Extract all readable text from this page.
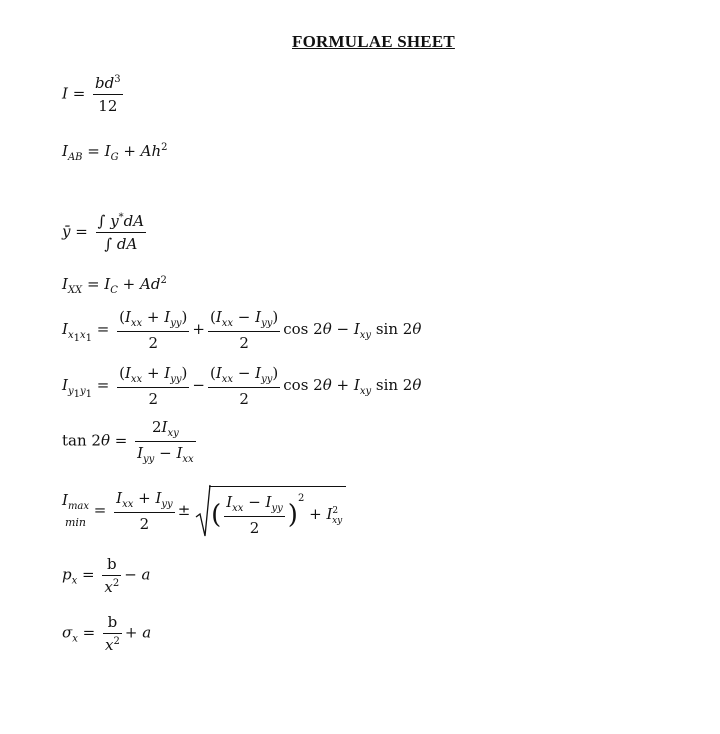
FORMULAE SHEET
$I = \frac{bd^3}{12}$
$I_{AB} = I_G + Ah^2$
ȳ = $\frac{\int y^*dA}{\int dA}$
$I_{XX} = I_C + Ad^2$
$I_{x_1x_1}$ =
$(I_{xx} + I_{yy})$
2
+
$(I_{xx} - I_{yy})$
2
$\cos 2\theta - I_{xy}$ sin 2θ
$I_{y_1y_1}$ =
$(I_{xx} + I_{yy})$
2
−
$(I_{xx} - I_{yy})$
2
$\cos 2\theta + I_{xy}$ sin 2θ
tan 2θ =
$2I_{xy}$
$I_{yy} - I_{xx}$
$I_{max}$
min =
$I_{xx} + I_{yy}$
2
± ( $I_{xx} - I_{yy}$
2	)$^2 + I^2_{xy}$
$p_x = \frac{b}{x^2} - a$
$\sigma_x = \frac{b}{x^2} + a$
